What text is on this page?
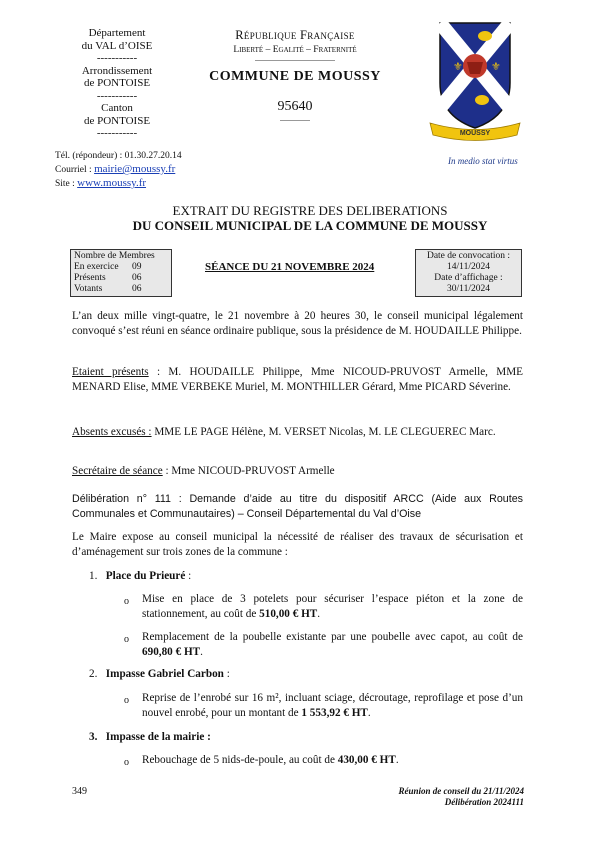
Département
du VAL d’OISE
-----------
Arrondissement
de PONTOISE
-----------
Canton
de PONTOISE
-----------
République Française
Liberté – Egalité – Fraternité
COMMUNE DE MOUSSY
95640
⚜	⚜
MOUSSY
Tél. (répondeur) : 01.30.27.20.14
Courriel : mairie@moussy.fr
Site : www.moussy.fr
In medio stat virtus
EXTRAIT DU REGISTRE DES DELIBERATIONS
DU CONSEIL MUNICIPAL DE LA COMMUNE DE MOUSSY
Nombre de Membres
En exercice 09
Présents	06
Votants	06
SÉANCE DU 21 NOVEMBRE 2024
Date de convocation :
14/11/2024
Date d’affichage :
30/11/2024
L’an deux mille vingt-quatre, le 21 novembre à 20 heures 30, le conseil municipal légalement convoqué s’est réuni en séance ordinaire publique, sous la présidence de M. HOUDAILLE Philippe.
Etaient présents : M. HOUDAILLE Philippe, Mme NICOUD-PRUVOST Armelle, MME MENARD Elise, MME VERBEKE Muriel, M. MONTHILLER Gérard, Mme PICARD Séverine.
Absents excusés : MME LE PAGE Hélène, M. VERSET Nicolas, M. LE CLEGUEREC Marc.
Secrétaire de séance : Mme NICOUD-PRUVOST Armelle
Délibération n° 111 : Demande d’aide au titre du dispositif ARCC (Aide aux Routes Communales et Communautaires) – Conseil Départemental du Val d’Oise
Le Maire expose au conseil municipal la nécessité de réaliser des travaux de sécurisation et d’aménagement sur trois zones de la commune :
1. Place du Prieuré :
o Mise en place de 3 potelets pour sécuriser l’espace piéton et la zone de stationnement, au coût de 510,00 € HT.
o Remplacement de la poubelle existante par une poubelle avec capot, au coût de 690,80 € HT.
2. Impasse Gabriel Carbon :
o Reprise de l’enrobé sur 16 m², incluant sciage, décroutage, reprofilage et pose d’un nouvel enrobé, pour un montant de 1 553,92 € HT.
3. Impasse de la mairie :
o Rebouchage de 5 nids-de-poule, au coût de 430,00 € HT.
349	Réunion de conseil du 21/11/2024
Délibération 2024111
